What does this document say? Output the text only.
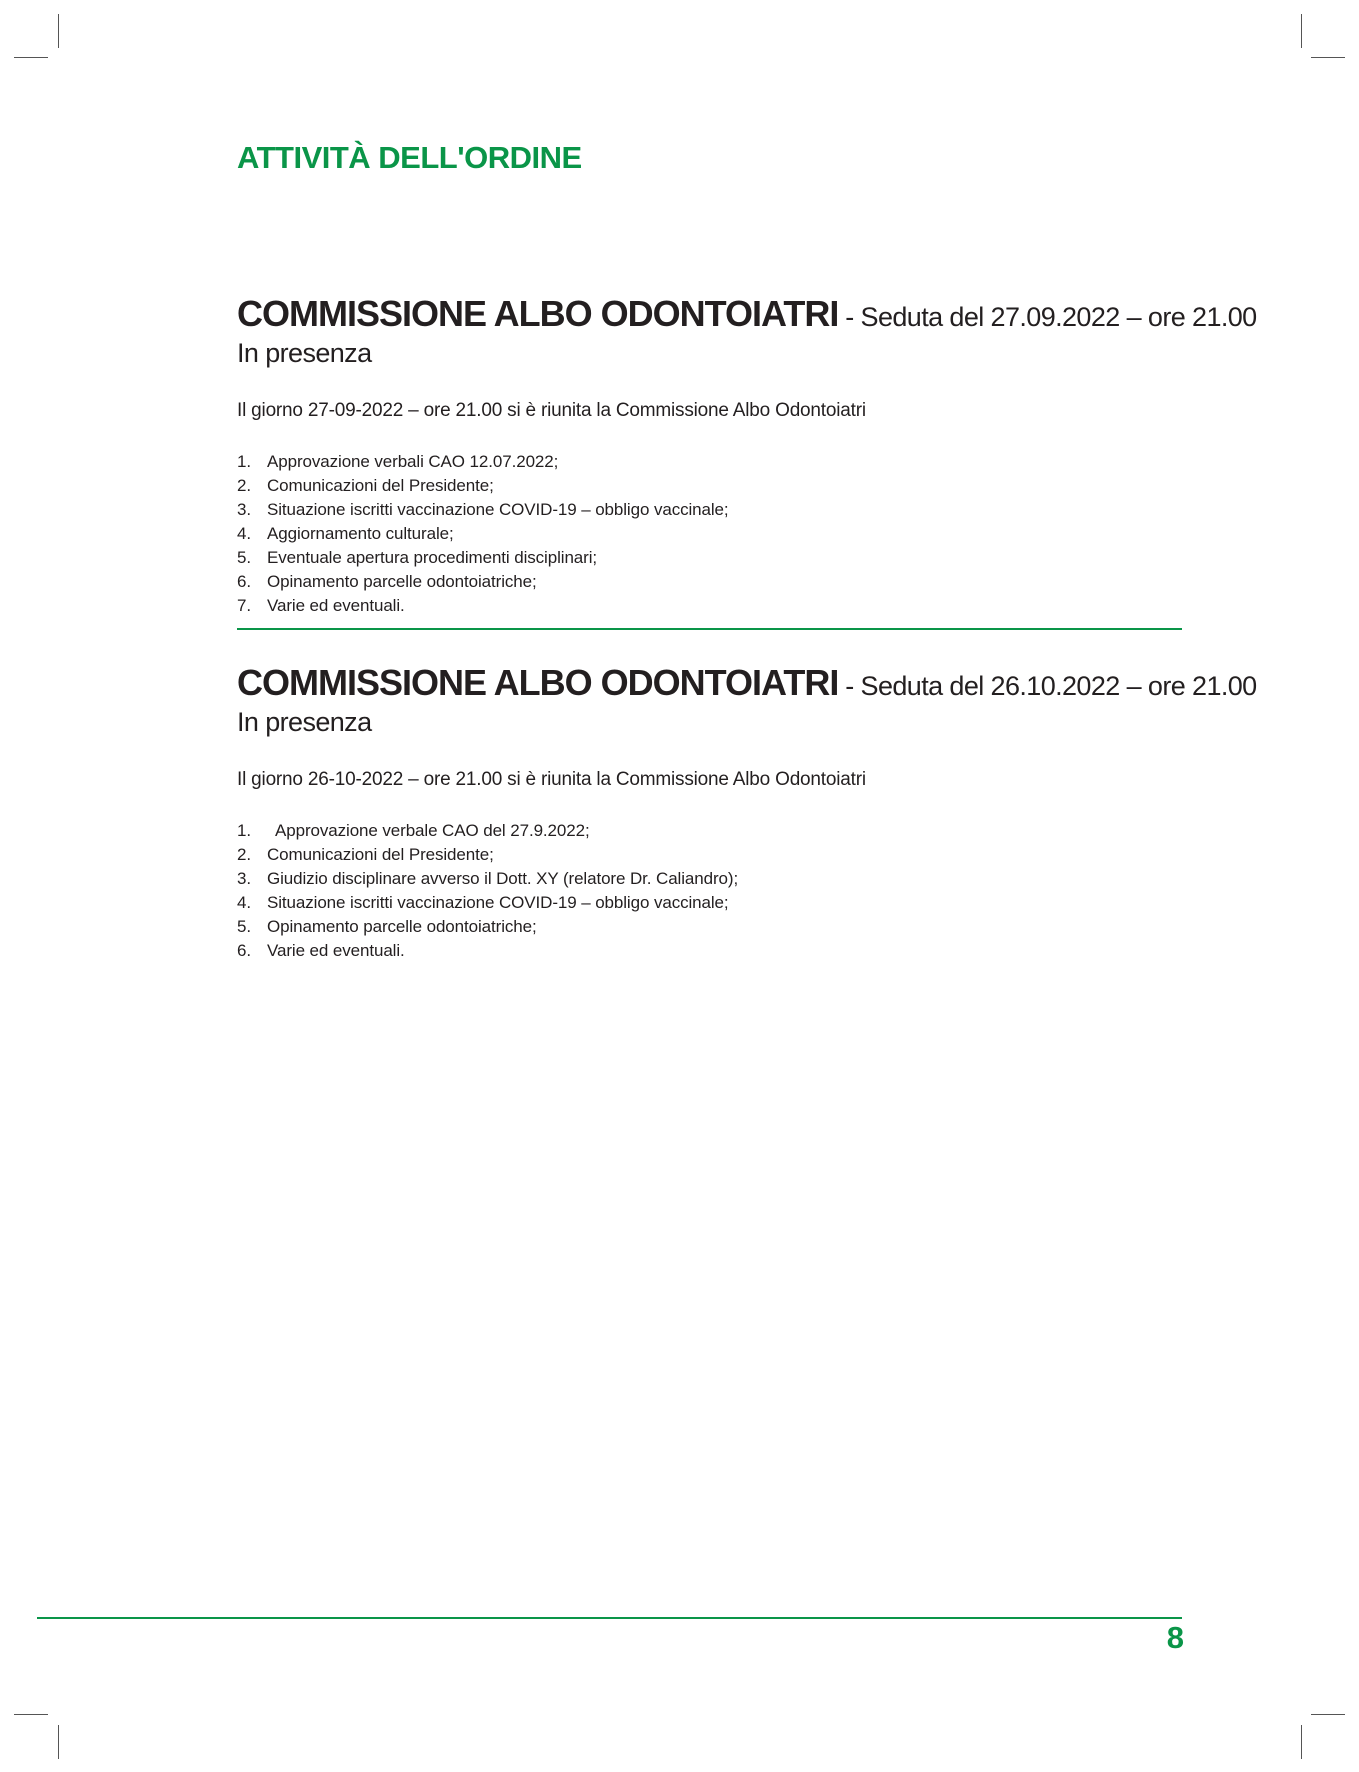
ATTIVITÀ DELL'ORDINE
COMMISSIONE ALBO ODONTOIATRI - Seduta del 27.09.2022 – ore 21.00

In presenza

Il giorno 27-09-2022 – ore 21.00 si è riunita la Commissione Albo Odontoiatri

1. Approvazione verbali CAO 12.07.2022;
2. Comunicazioni del Presidente;
3. Situazione iscritti vaccinazione COVID-19 – obbligo vaccinale;
4. Aggiornamento culturale;
5. Eventuale apertura procedimenti disciplinari;
6. Opinamento parcelle odontoiatriche;
7. Varie ed eventuali.
COMMISSIONE ALBO ODONTOIATRI - Seduta del 26.10.2022 – ore 21.00

In presenza

Il giorno 26-10-2022 – ore 21.00 si è riunita la Commissione Albo Odontoiatri

1. Approvazione verbale CAO del 27.9.2022;
2. Comunicazioni del Presidente;
3. Giudizio disciplinare avverso il Dott. XY (relatore Dr. Caliandro);
4. Situazione iscritti vaccinazione COVID-19 – obbligo vaccinale;
5. Opinamento parcelle odontoiatriche;
6. Varie ed eventuali.
8
